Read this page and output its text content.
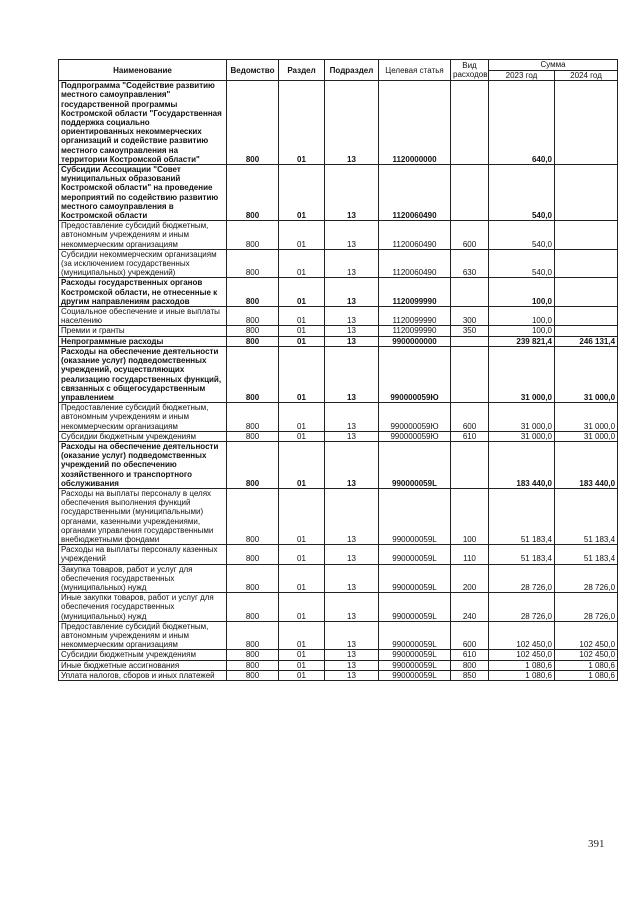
Наименование	Ведомство	Раздел	Подраздел	Целевая статья	Вид расходов	Сумма	
						2023 год	2024 год
Подпрограмма "Содействие развитию местного самоуправления" государственной программы Костромской области "Государственная поддержка социально ориентированных некоммерческих организаций и содействие развитию местного самоуправления на территории Костромской области"	800	01	13	1120000000		640,0	
Субсидии Ассоциации "Совет муниципальных образований Костромской области" на проведение мероприятий по содействию развитию местного самоуправления в Костромской области	800	01	13	1120060490		540,0	
Предоставление субсидий бюджетным, автономным учреждениям и иным некоммерческим организациям	800	01	13	1120060490	600	540,0	
Субсидии некоммерческим организациям (за исключением государственных (муниципальных) учреждений)	800	01	13	1120060490	630	540,0	
Расходы государственных органов Костромской области, не отнесенные к другим направлениям расходов	800	01	13	1120099990		100,0	
Социальное обеспечение и иные выплаты населению	800	01	13	1120099990	300	100,0	
Премии и гранты	800	01	13	1120099990	350	100,0	
Непрограммные расходы	800	01	13	9900000000		239 821,4	246 131,4
Расходы на обеспечение деятельности (оказание услуг) подведомственных учреждений, осуществляющих реализацию государственных функций, связанных с общегосударственным управлением	800	01	13	990000059Ю		31 000,0	31 000,0
Предоставление субсидий бюджетным, автономным учреждениям и иным некоммерческим организациям	800	01	13	990000059Ю	600	31 000,0	31 000,0
Субсидии бюджетным учреждениям	800	01	13	990000059Ю	610	31 000,0	31 000,0
Расходы на обеспечение деятельности (оказание услуг) подведомственных учреждений по обеспечению хозяйственного и транспортного обслуживания	800	01	13	990000059L		183 440,0	183 440,0
Расходы на выплаты персоналу в целях обеспечения выполнения функций государственными (муниципальными) органами, казенными учреждениями, органами управления государственными внебюджетными фондами	800	01	13	990000059L	100	51 183,4	51 183,4
Расходы на выплаты персоналу казенных учреждений	800	01	13	990000059L	110	51 183,4	51 183,4
Закупка товаров, работ и услуг для обеспечения государственных (муниципальных) нужд	800	01	13	990000059L	200	28 726,0	28 726,0
Иные закупки товаров, работ и услуг для обеспечения государственных (муниципальных) нужд	800	01	13	990000059L	240	28 726,0	28 726,0
Предоставление субсидий бюджетным, автономным учреждениям и иным некоммерческим организациям	800	01	13	990000059L	600	102 450,0	102 450,0
Субсидии бюджетным учреждениям	800	01	13	990000059L	610	102 450,0	102 450,0
Иные бюджетные ассигнования	800	01	13	990000059L	800	1 080,6	1 080,6
Уплата налогов, сборов и иных платежей	800	01	13	990000059L	850	1 080,6	1 080,6
391
